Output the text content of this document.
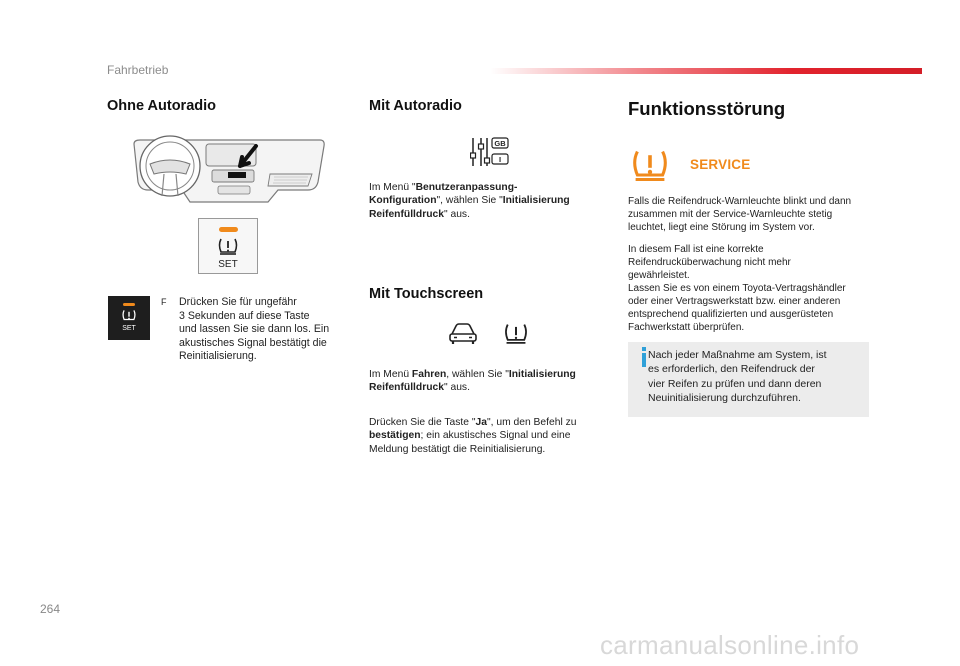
Fahrbetrieb
Ohne Autoradio
SET
SET
F Drücken Sie für ungefähr
3 Sekunden auf diese Taste
und lassen Sie sie dann los. Ein
akustisches Signal bestätigt die
Reinitialisierung.

Mit Autoradio
GB
I

Im Menü "Benutzeranpassung-
Konfiguration", wählen Sie "Initialisierung
Reifenfülldruck" aus.

Mit Touchscreen

Im Menü Fahren, wählen Sie "Initialisierung
Reifenfülldruck" aus.

Drücken Sie die Taste "Ja", um den Befehl zu
bestätigen; ein akustisches Signal und eine
Meldung bestätigt die Reinitialisierung.

Funktionsstörung
SERVICE

Falls die Reifendruck-Warnleuchte blinkt und dann
zusammen mit der Service-Warnleuchte stetig
leuchtet, liegt eine Störung im System vor.

In diesem Fall ist eine korrekte
Reifendrucküberwachung nicht mehr
gewährleistet.
Lassen Sie es von einem Toyota-Vertragshändler
oder einer Vertragswerkstatt bzw. einer anderen
entsprechend qualifizierten und ausgerüsteten
Fachwerkstatt überprüfen.

Nach jeder Maßnahme am System, ist
es erforderlich, den Reifendruck der
vier Reifen zu prüfen und dann deren
Neuinitialisierung durchzuführen.

264
carmanualsonline.info
